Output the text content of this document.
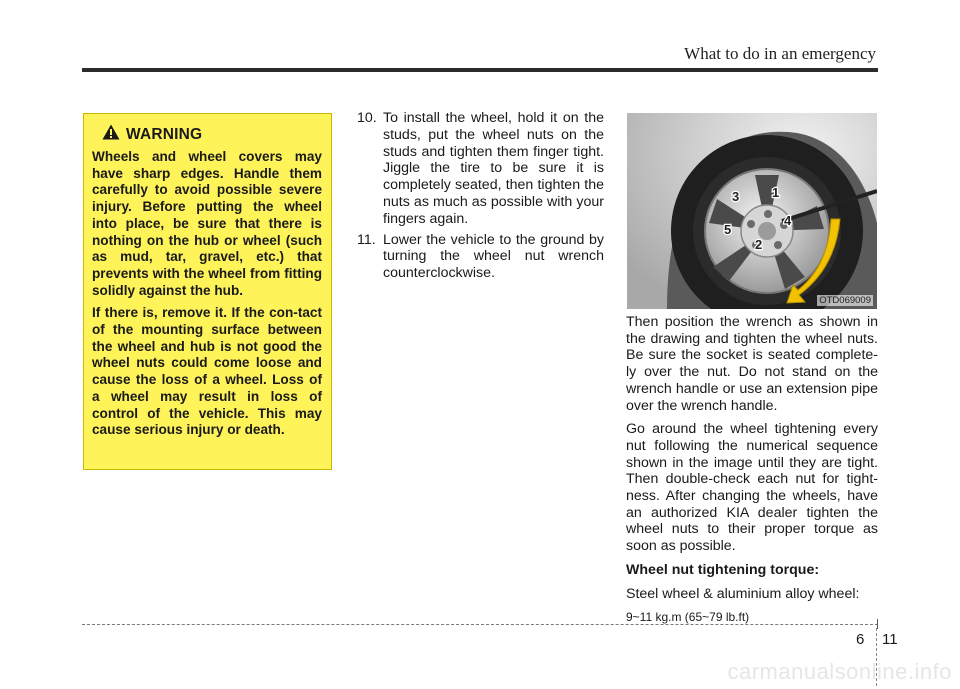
What to do in an emergency
WARNING

Wheels and wheel covers may have sharp edges. Handle them carefully to avoid possible severe injury. Before putting the wheel into place, be sure that there is nothing on the hub or wheel (such as mud, tar, gravel, etc.) that prevents with the wheel from fitting solidly against the hub.

If there is, remove it. If the con-tact of the mounting surface between the wheel and hub is not good the wheel nuts could come loose and cause the loss of a wheel. Loss of a wheel may result in loss of control of the vehicle. This may cause serious injury or death.

10. To install the wheel, hold it on the studs, put the wheel nuts on the studs and tighten them finger tight. Jiggle the tire to be sure it is completely seated, then tighten the nuts as much as possible with your fingers again.
11. Lower the vehicle to the ground by turning the wheel nut wrench counterclockwise.
1
2
3
4
5
OTD069009

Then position the wrench as shown in the drawing and tighten the wheel nuts. Be sure the socket is seated complete-ly over the nut. Do not stand on the wrench handle or use an extension pipe over the wrench handle.

Go around the wheel tightening every nut following the numerical sequence shown in the image until they are tight. Then double-check each nut for tight-ness. After changing the wheels, have an authorized KIA dealer tighten the wheel nuts to their proper torque as soon as possible.

Wheel nut tightening torque:

Steel wheel & aluminium alloy wheel:

9~11 kg.m (65~79 lb.ft)

6 11
carmanualsonline.info
